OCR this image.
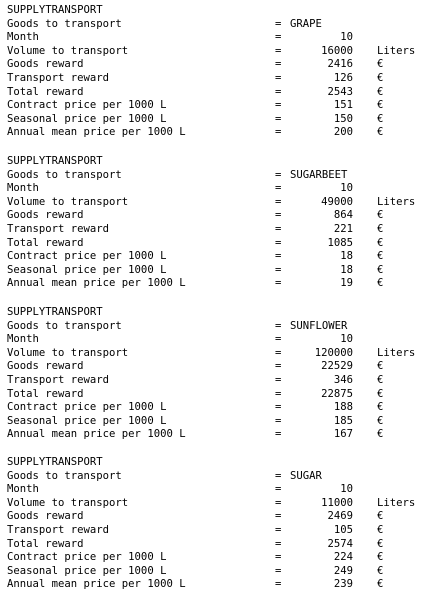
SUPPLYTRANSPORT
Goods to transport	= GRAPE
Month	=	10
Volume to transport	=	16000 Liters
Goods reward	=	2416 €
Transport reward	=	126 €
Total reward	=	2543 €
Contract price per 1000 L	=	151 €
Seasonal price per 1000 L	=	150 €
Annual mean price per 1000 L	=	200 €
SUPPLYTRANSPORT
Goods to transport	= SUGARBEET
Month	=	10
Volume to transport	=	49000 Liters
Goods reward	=	864 €
Transport reward	=	221 €
Total reward	=	1085 €
Contract price per 1000 L	=	18 €
Seasonal price per 1000 L	=	18 €
Annual mean price per 1000 L	=	19 €
SUPPLYTRANSPORT
Goods to transport	= SUNFLOWER
Month	=	10
Volume to transport	=	120000 Liters
Goods reward	=	22529 €
Transport reward	=	346 €
Total reward	=	22875 €
Contract price per 1000 L	=	188 €
Seasonal price per 1000 L	=	185 €
Annual mean price per 1000 L	=	167 €
SUPPLYTRANSPORT
Goods to transport	= SUGAR
Month	=	10
Volume to transport	=	11000 Liters
Goods reward	=	2469 €
Transport reward	=	105 €
Total reward	=	2574 €
Contract price per 1000 L	=	224 €
Seasonal price per 1000 L	=	249 €
Annual mean price per 1000 L	=	239 €
